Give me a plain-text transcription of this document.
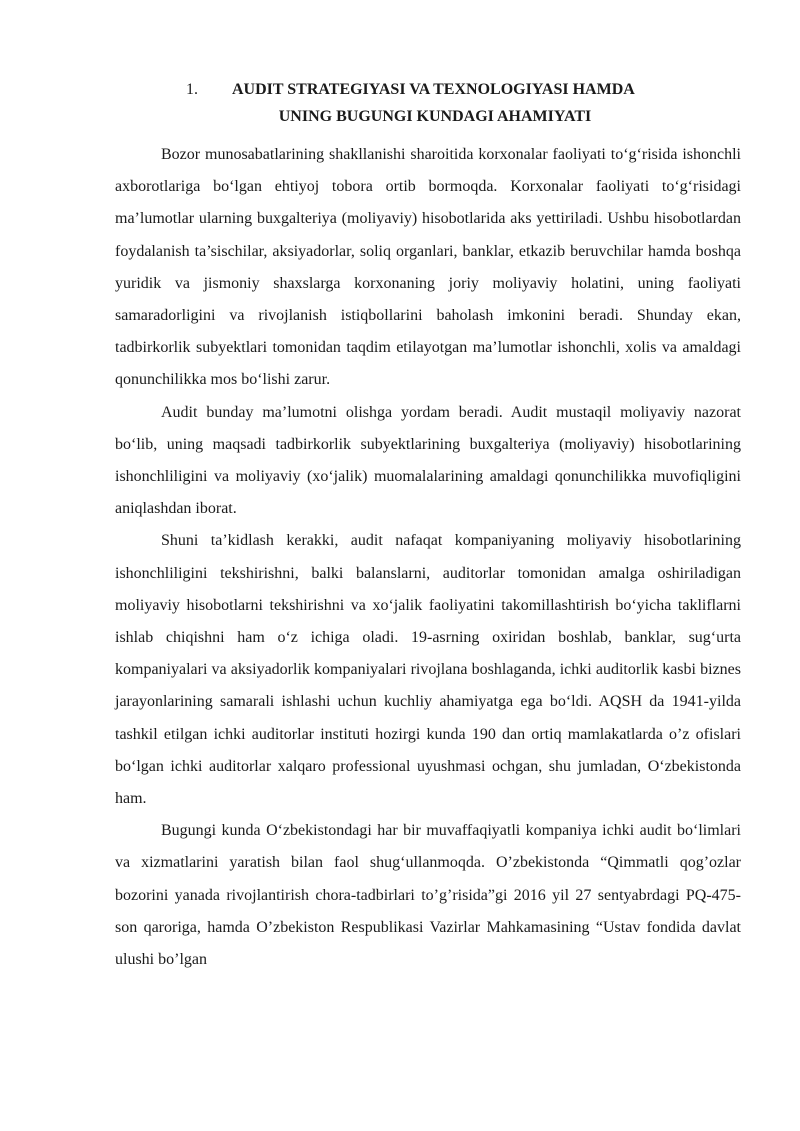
1.	AUDIT STRATEGIYASI VA TEXNOLOGIYASI HAMDA
UNING BUGUNGI KUNDAGI AHAMIYATI

Bozor munosabatlarining shakllanishi sharoitida korxonalar faoliyati to‘g‘risida ishonchli axborotlariga bo‘lgan ehtiyoj tobora ortib bormoqda. Korxonalar faoliyati to‘g‘risidagi ma’lumotlar ularning buxgalteriya (moliyaviy) hisobotlarida aks yettiriladi. Ushbu hisobotlardan foydalanish ta’sischilar, aksiyadorlar, soliq organlari, banklar, etkazib beruvchilar hamda boshqa yuridik va jismoniy shaxslarga korxonaning joriy moliyaviy holatini, uning faoliyati samaradorligini va rivojlanish istiqbollarini baholash imkonini beradi. Shunday ekan, tadbirkorlik subyektlari tomonidan taqdim etilayotgan ma’lumotlar ishonchli, xolis va amaldagi qonunchilikka mos bo‘lishi zarur.

Audit bunday ma’lumotni olishga yordam beradi. Audit mustaqil moliyaviy nazorat bo‘lib, uning maqsadi tadbirkorlik subyektlarining buxgalteriya (moliyaviy) hisobotlarining ishonchliligini va moliyaviy (xo‘jalik) muomalalarining amaldagi qonunchilikka muvofiqligini aniqlashdan iborat.

Shuni ta’kidlash kerakki, audit nafaqat kompaniyaning moliyaviy hisobotlarining ishonchliligini tekshirishni, balki balanslarni, auditorlar tomonidan amalga oshiriladigan moliyaviy hisobotlarni tekshirishni va xo‘jalik faoliyatini takomillashtirish bo‘yicha takliflarni ishlab chiqishni ham o‘z ichiga oladi. 19-asrning oxiridan boshlab, banklar, sug‘urta kompaniyalari va aksiyadorlik kompaniyalari rivojlana boshlaganda, ichki auditorlik kasbi biznes jarayonlarining samarali ishlashi uchun kuchliy ahamiyatga ega bo‘ldi. AQSH da 1941-yilda tashkil etilgan ichki auditorlar instituti hozirgi kunda 190 dan ortiq mamlakatlarda o’z ofislari bo‘lgan ichki auditorlar xalqaro professional uyushmasi ochgan, shu jumladan, O‘zbekistonda ham.

Bugungi kunda O‘zbekistondagi har bir muvaffaqiyatli kompaniya ichki audit bo‘limlari va xizmatlarini yaratish bilan faol shug‘ullanmoqda. O’zbekistonda “Qimmatli qog’ozlar bozorini yanada rivojlantirish chora-tadbirlari to’g’risida”gi 2016 yil 27 sentyabrdagi PQ-475-son qaroriga, hamda O’zbekiston Respublikasi Vazirlar Mahkamasining “Ustav fondida davlat ulushi bo’lgan
